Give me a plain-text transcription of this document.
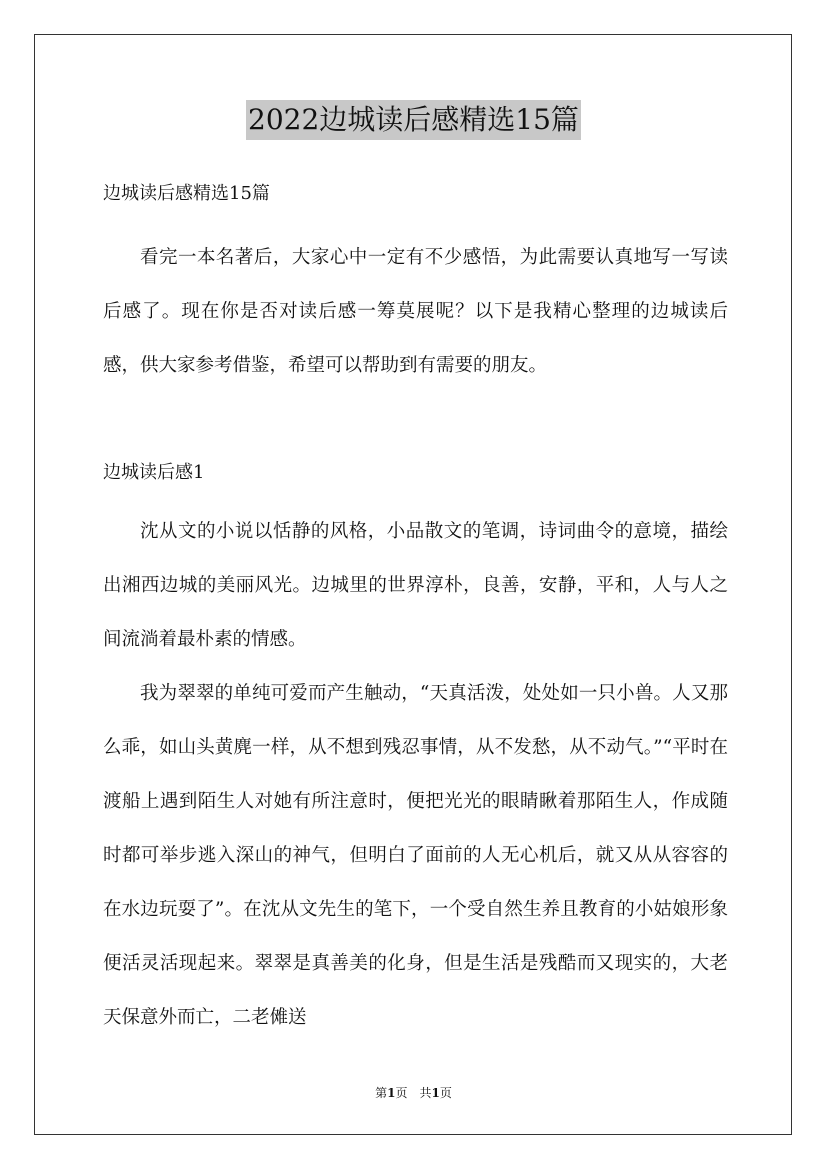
2022边城读后感精选15篇
边城读后感精选15篇

看完一本名著后，大家心中一定有不少感悟，为此需要认真地写一写读后感了。现在你是否对读后感一筹莫展呢？以下是我精心整理的边城读后感，供大家参考借鉴，希望可以帮助到有需要的朋友。

边城读后感1

沈从文的小说以恬静的风格，小品散文的笔调，诗词曲令的意境，描绘出湘西边城的美丽风光。边城里的世界淳朴，良善，安静，平和，人与人之间流淌着最朴素的情感。

我为翠翠的单纯可爱而产生触动，“天真活泼，处处如一只小兽。人又那么乖，如山头黄麂一样，从不想到残忍事情，从不发愁，从不动气。”“平时在渡船上遇到陌生人对她有所注意时，便把光光的眼睛瞅着那陌生人，作成随时都可举步逃入深山的神气，但明白了面前的人无心机后，就又从从容容的在水边玩耍了”。在沈从文先生的笔下，一个受自然生养且教育的小姑娘形象便活灵活现起来。翠翠是真善美的化身，但是生活是残酷而又现实的，大老天保意外而亡，二老傩送

第1页　共1页
